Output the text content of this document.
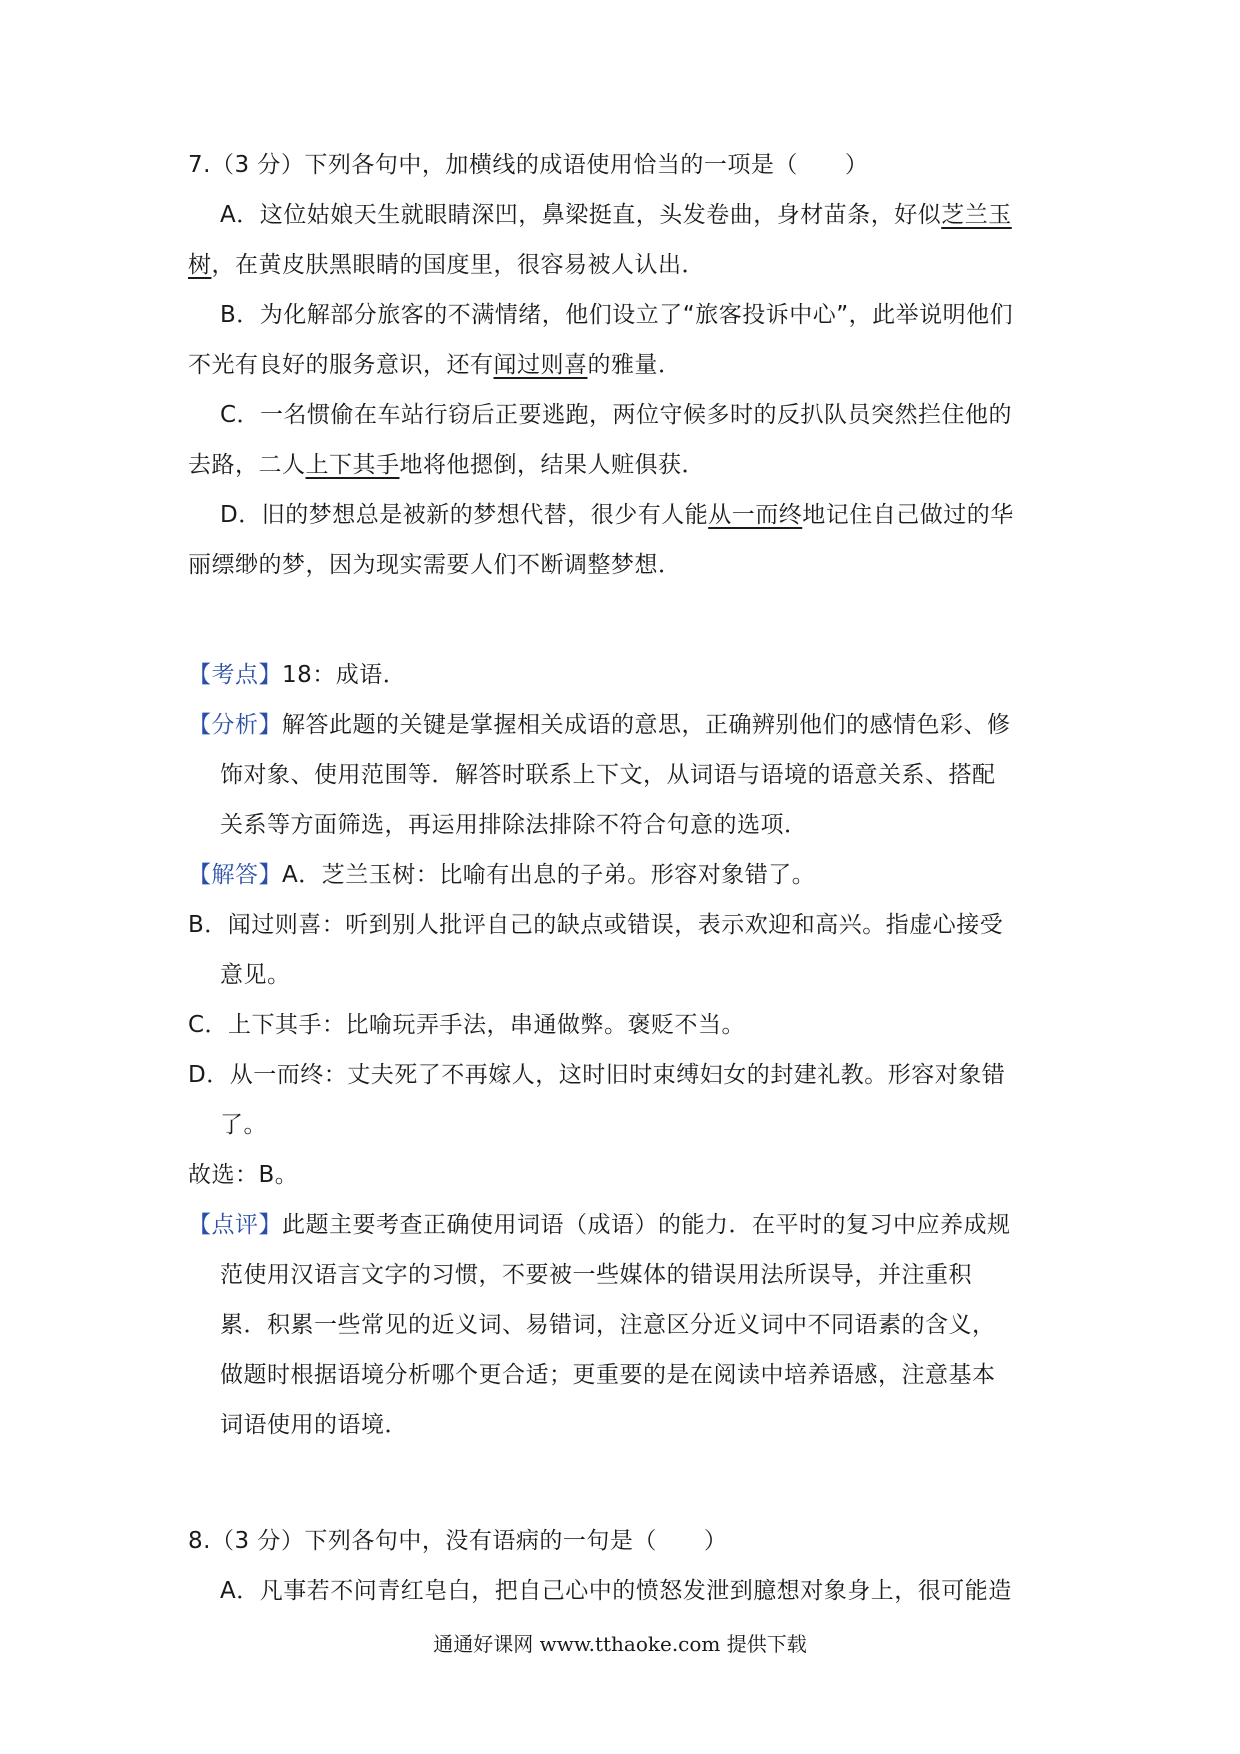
7.（3 分）下列各句中，加横线的成语使用恰当的一项是（　　）
A．这位姑娘天生就眼睛深凹，鼻梁挺直，头发卷曲，身材苗条，好似芝兰玉
树，在黄皮肤黑眼睛的国度里，很容易被人认出．
B．为化解部分旅客的不满情绪，他们设立了“旅客投诉中心”，此举说明他们
不光有良好的服务意识，还有闻过则喜的雅量．
C．一名惯偷在车站行窃后正要逃跑，两位守候多时的反扒队员突然拦住他的
去路，二人上下其手地将他摁倒，结果人赃俱获．
D．旧的梦想总是被新的梦想代替，很少有人能从一而终地记住自己做过的华
丽缥缈的梦，因为现实需要人们不断调整梦想．
【考点】18：成语．
【分析】解答此题的关键是掌握相关成语的意思，正确辨别他们的感情色彩、修
饰对象、使用范围等．解答时联系上下文，从词语与语境的语意关系、搭配
关系等方面筛选，再运用排除法排除不符合句意的选项．
【解答】A．芝兰玉树：比喻有出息的子弟。形容对象错了。
B．闻过则喜：听到别人批评自己的缺点或错误，表示欢迎和高兴。指虚心接受
意见。
C．上下其手：比喻玩弄手法，串通做弊。褒贬不当。
D．从一而终：丈夫死了不再嫁人，这时旧时束缚妇女的封建礼教。形容对象错
了。
故选：B。
【点评】此题主要考查正确使用词语（成语）的能力．在平时的复习中应养成规
范使用汉语言文字的习惯，不要被一些媒体的错误用法所误导，并注重积
累．积累一些常见的近义词、易错词，注意区分近义词中不同语素的含义，
做题时根据语境分析哪个更合适；更重要的是在阅读中培养语感，注意基本
词语使用的语境．
8.（3 分）下列各句中，没有语病的一句是（　　）
A．凡事若不问青红皂白，把自己心中的愤怒发泄到臆想对象身上，很可能造
通通好课网 www.tthaoke.com 提供下载
